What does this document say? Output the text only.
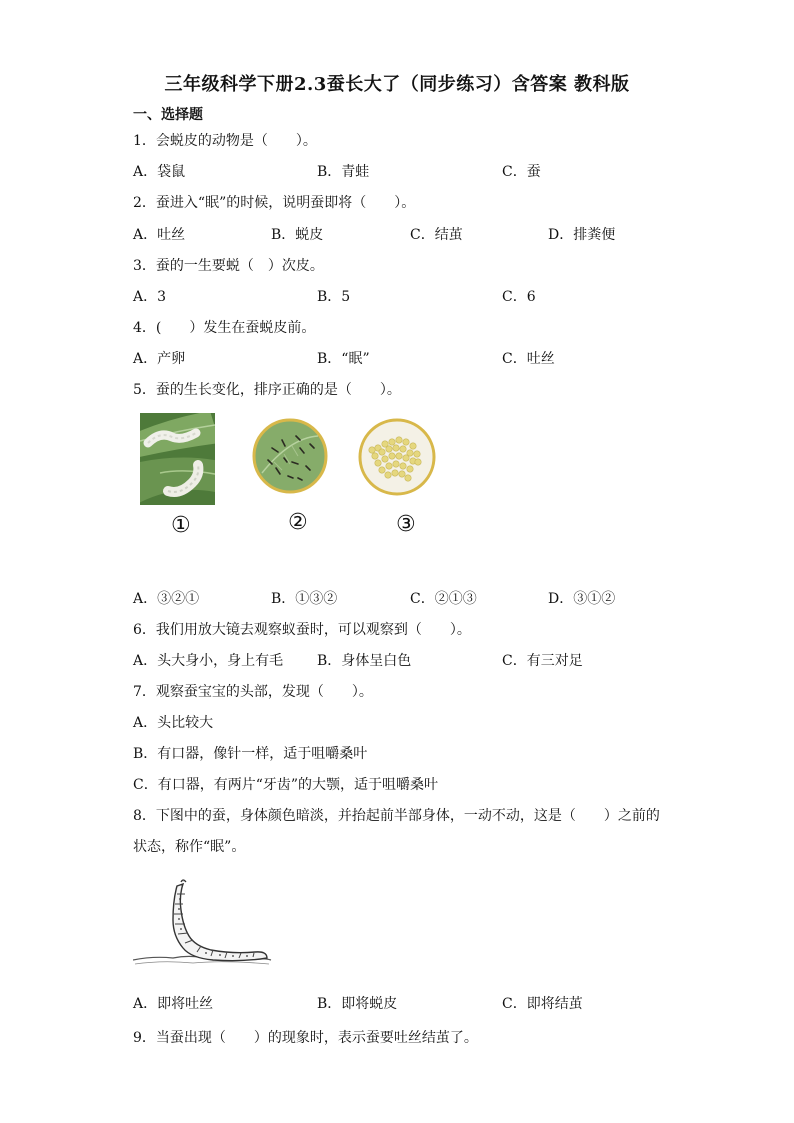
三年级科学下册2.3蚕长大了（同步练习）含答案 教科版
一、选择题
1．会蜕皮的动物是（　　）。
A．袋鼠	B．青蛙	C．蚕
2．蚕进入“眠”的时候，说明蚕即将（　　）。
A．吐丝	B．蜕皮	C．结茧	D．排粪便
3．蚕的一生要蜕（　）次皮。
A．3	B．5	C．6
4．(　　）发生在蚕蜕皮前。
A．产卵	B．“眠”	C．吐丝
5．蚕的生长变化，排序正确的是（　　）。
①	②	③
A．③②①	B．①③②	C．②①③	D．③①②
6．我们用放大镜去观察蚁蚕时，可以观察到（　　）。
A．头大身小，身上有毛 B．身体呈白色	C．有三对足
7．观察蚕宝宝的头部，发现（　　）。
A．头比较大
B．有口器，像针一样，适于咀嚼桑叶
C．有口器，有两片“牙齿”的大颚，适于咀嚼桑叶
8．下图中的蚕，身体颜色暗淡，并抬起前半部身体，一动不动，这是（　　）之前的
状态，称作“眠”。
A．即将吐丝	B．即将蜕皮	C．即将结茧
9．当蚕出现（　　）的现象时，表示蚕要吐丝结茧了。
